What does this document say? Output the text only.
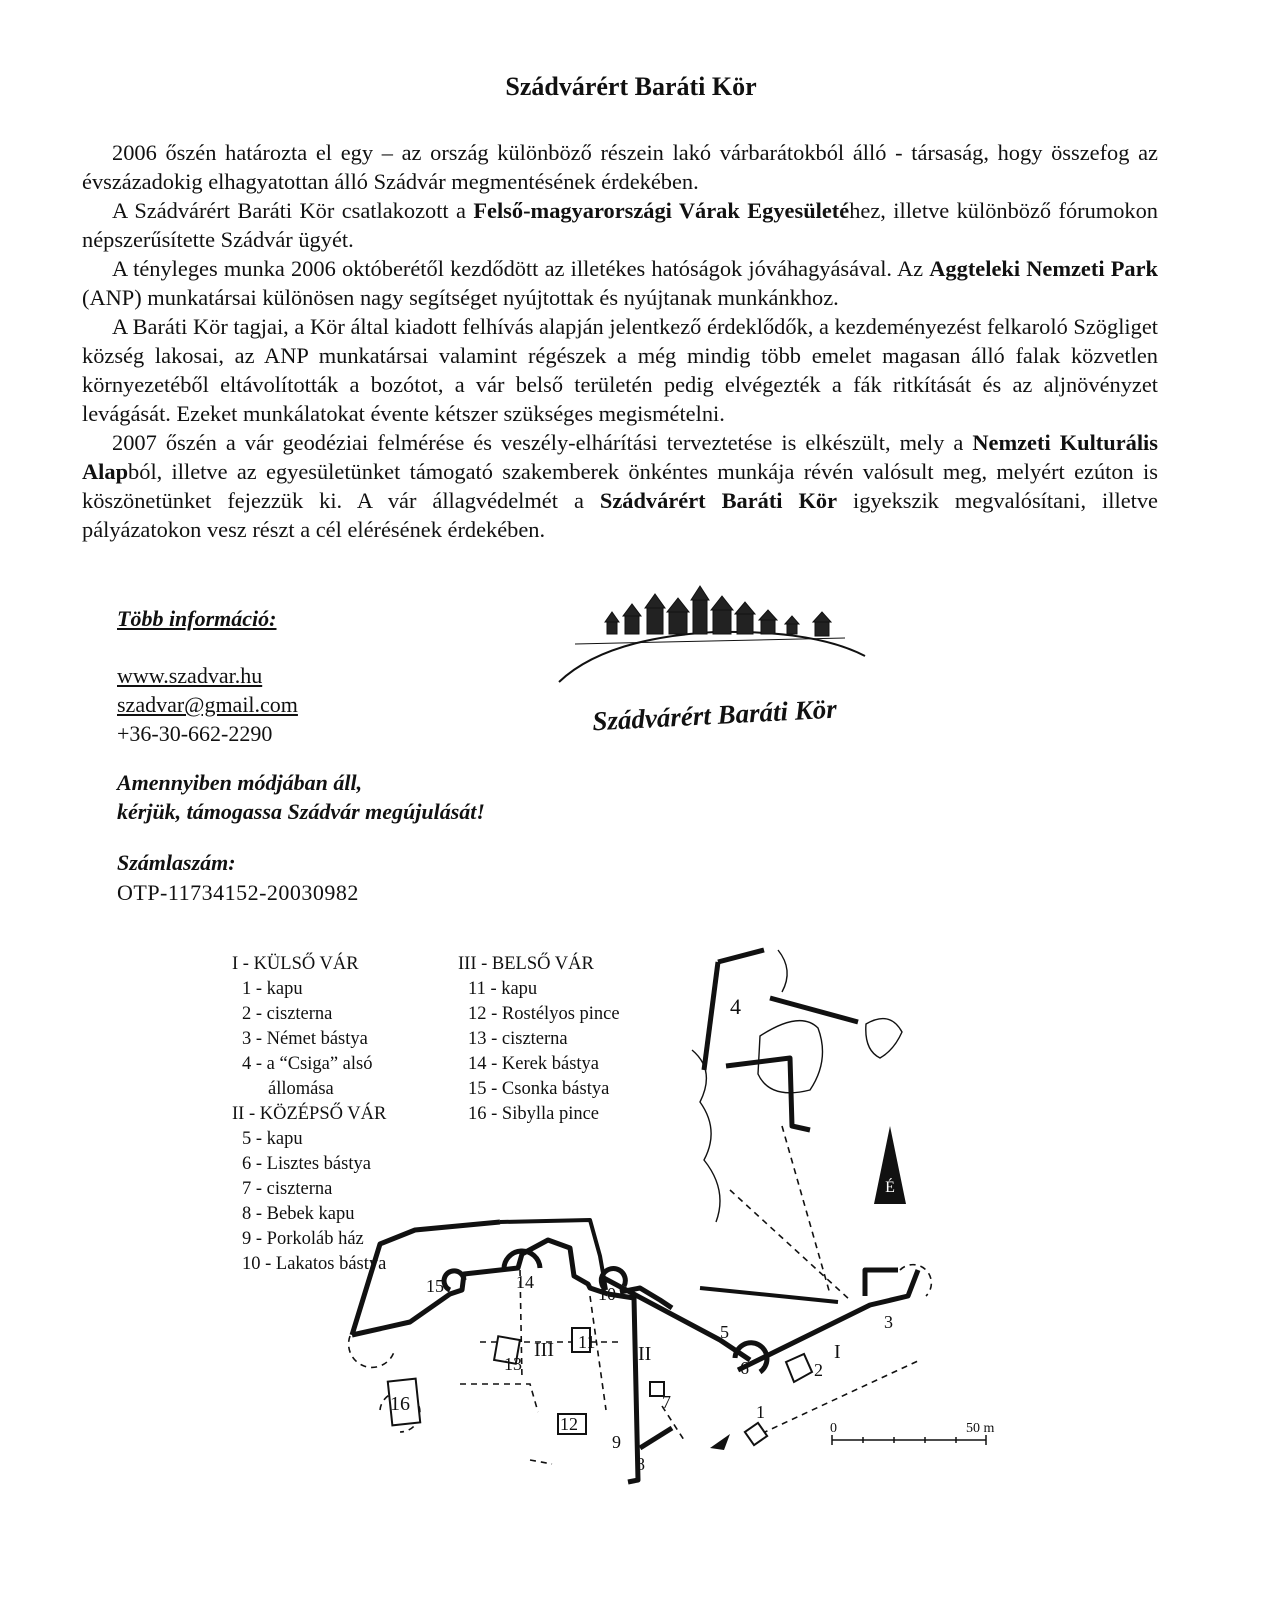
Szádvárért Baráti Kör

2006 őszén határozta el egy – az ország különböző részein lakó várbarátokból álló - társaság, hogy összefog az évszázadokig elhagyatottan álló Szádvár megmentésének érdekében.

A Szádvárért Baráti Kör csatlakozott a Felső-magyarországi Várak Egyesületéhez, illetve különböző fórumokon népszerűsítette Szádvár ügyét.

A tényleges munka 2006 októberétől kezdődött az illetékes hatóságok jóváhagyásával. Az Aggteleki Nemzeti Park (ANP) munkatársai különösen nagy segítséget nyújtottak és nyújtanak munkánkhoz.

A Baráti Kör tagjai, a Kör által kiadott felhívás alapján jelentkező érdeklődők, a kezdeményezést felkaroló Szögliget község lakosai, az ANP munkatársai valamint régészek a még mindig több emelet magasan álló falak közvetlen környezetéből eltávolították a bozótot, a vár belső területén pedig elvégezték a fák ritkítását és az aljnövényzet levágását. Ezeket munkálatokat évente kétszer szükséges megismételni.

2007 őszén a vár geodéziai felmérése és veszély-elhárítási terveztetése is elkészült, mely a Nemzeti Kulturális Alapból, illetve az egyesületünket támogató szakemberek önkéntes munkája révén valósult meg, melyért ezúton is köszönetünket fejezzük ki. A vár állagvédelmét a Szádvárért Baráti Kör igyekszik megvalósítani, illetve pályázatokon vesz részt a cél elérésének érdekében.

Több információ:
www.szadvar.hu
szadvar@gmail.com
+36-30-662-2290
Amennyiben módjában áll,
kérjük, támogassa Szádvár megújulását!
Számlaszám:
OTP-11734152-20030982
Szádvárért Baráti Kör
I - KÜLSŐ VÁR
1 - kapu
2 - ciszterna
3 - Német bástya
4 - a “Csiga” alsó
állomása
II - KÖZÉPSŐ VÁR
5 - kapu
6 - Lisztes bástya
7 - ciszterna
8 - Bebek kapu
9 - Porkoláb ház
10 - Lakatos bástya
III - BELSŐ VÁR
11 - kapu
12 - Rostélyos pince
13 - ciszterna
14 - Kerek bástya
15 - Csonka bástya
16 - Sibylla pince
É
0	50 m
1
2
3
4
5
6
7
8
9
10
11
12
13
14
15
16
I
II
III
